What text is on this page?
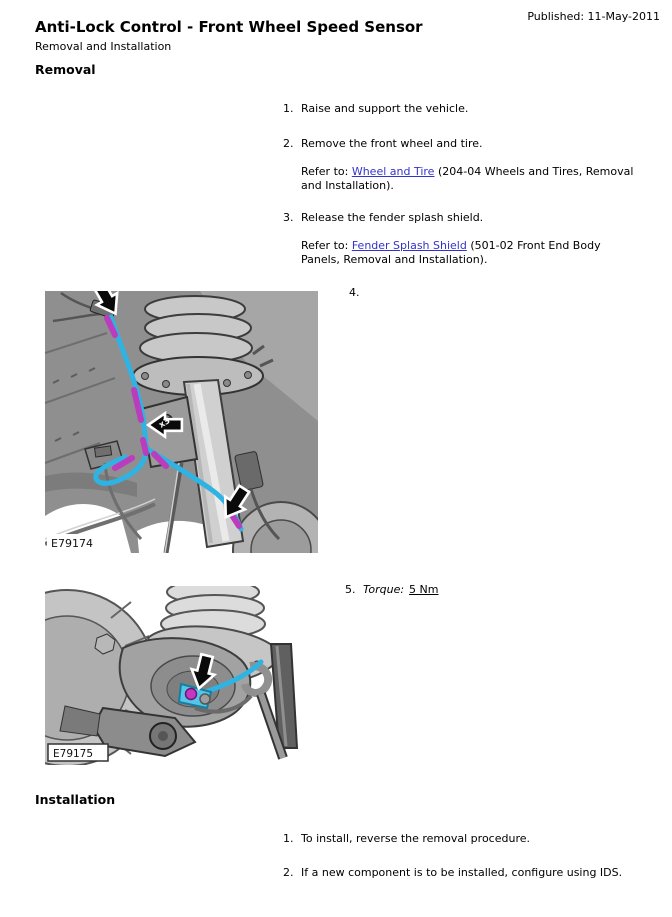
Published: 11-May-2011
Anti-Lock Control - Front Wheel Speed Sensor
Removal and Installation
Removal
1. Raise and support the vehicle.
2. Remove the front wheel and tire.
Refer to: Wheel and Tire (204-04 Wheels and Tires, Removal and Installation).
3. Release the fender splash shield.
Refer to: Fender Splash Shield (501-02 Front End Body Panels, Removal and Installation).
4.
x3
E79174
5. Torque: 5 Nm
E79175
Installation
1. To install, reverse the removal procedure.
2. If a new component is to be installed, configure using IDS.
